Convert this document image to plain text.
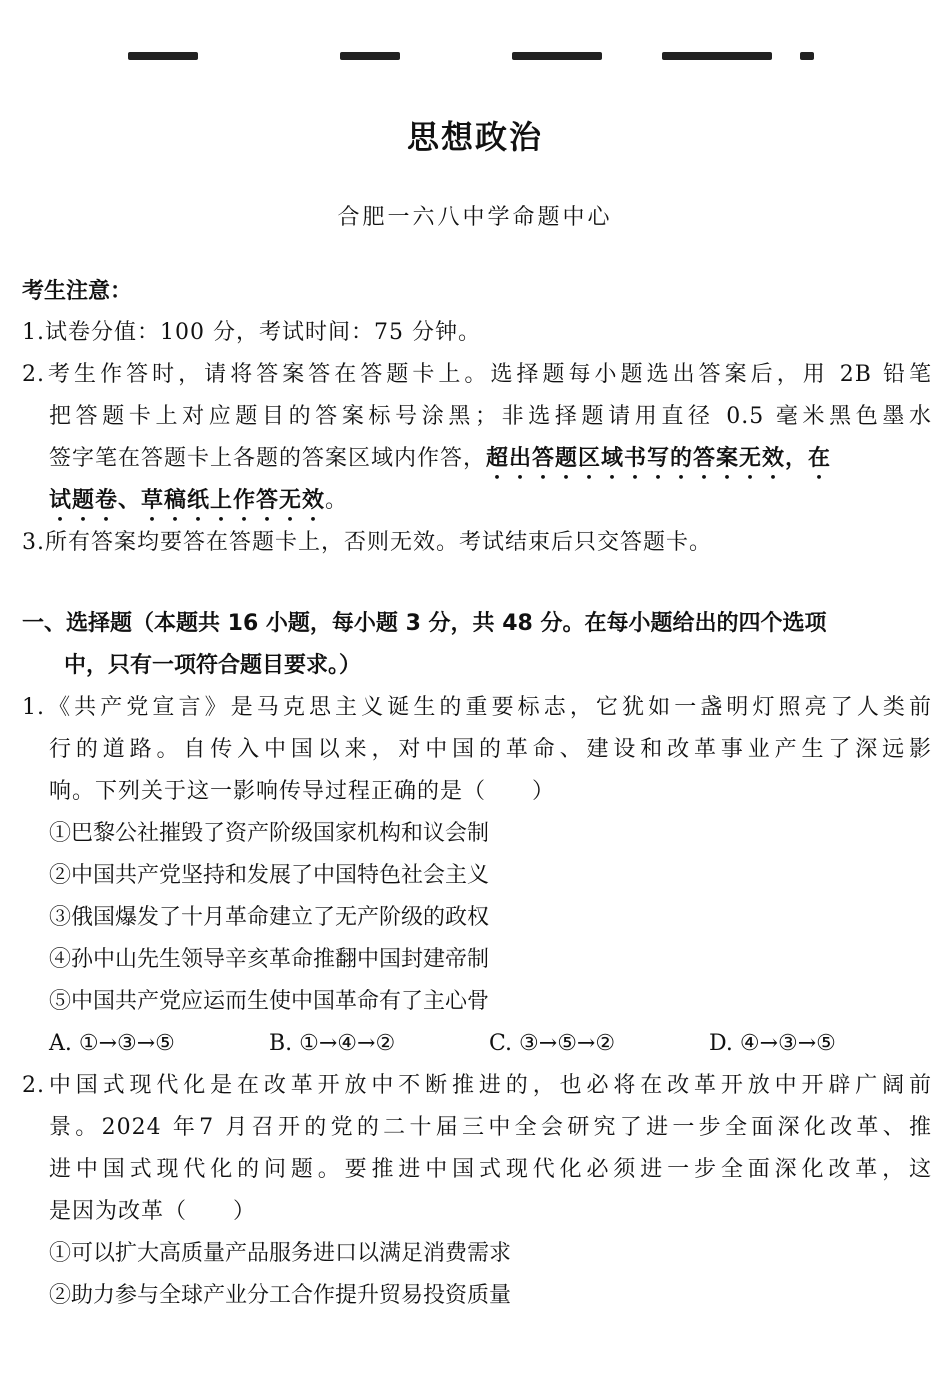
思想政治
合肥一六八中学命题中心
考生注意：
1.试卷分值：100 分，考试时间：75 分钟。
2.考生作答时，请将答案答在答题卡上。选择题每小题选出答案后，用 2B 铅笔
把答题卡上对应题目的答案标号涂黑；非选择题请用直径 0.5 毫米黑色墨水
签字笔在答题卡上各题的答案区域内作答，超出答题区域书写的答案无效，在
试题卷、草稿纸上作答无效。
3.所有答案均要答在答题卡上，否则无效。考试结束后只交答题卡。
一、选择题（本题共 16 小题，每小题 3 分，共 48 分。在每小题给出的四个选项
中，只有一项符合题目要求。）
1.《共产党宣言》是马克思主义诞生的重要标志，它犹如一盏明灯照亮了人类前
行的道路。自传入中国以来，对中国的革命、建设和改革事业产生了深远影
响。下列关于这一影响传导过程正确的是（　　）
①巴黎公社摧毁了资产阶级国家机构和议会制
②中国共产党坚持和发展了中国特色社会主义
③俄国爆发了十月革命建立了无产阶级的政权
④孙中山先生领导辛亥革命推翻中国封建帝制
⑤中国共产党应运而生使中国革命有了主心骨
A. ①→③→⑤	B. ①→④→②	C. ③→⑤→②	D. ④→③→⑤
2.中国式现代化是在改革开放中不断推进的，也必将在改革开放中开辟广阔前
景。2024 年7 月召开的党的二十届三中全会研究了进一步全面深化改革、推
进中国式现代化的问题。要推进中国式现代化必须进一步全面深化改革，这
是因为改革（　　）
①可以扩大高质量产品服务进口以满足消费需求
②助力参与全球产业分工合作提升贸易投资质量
